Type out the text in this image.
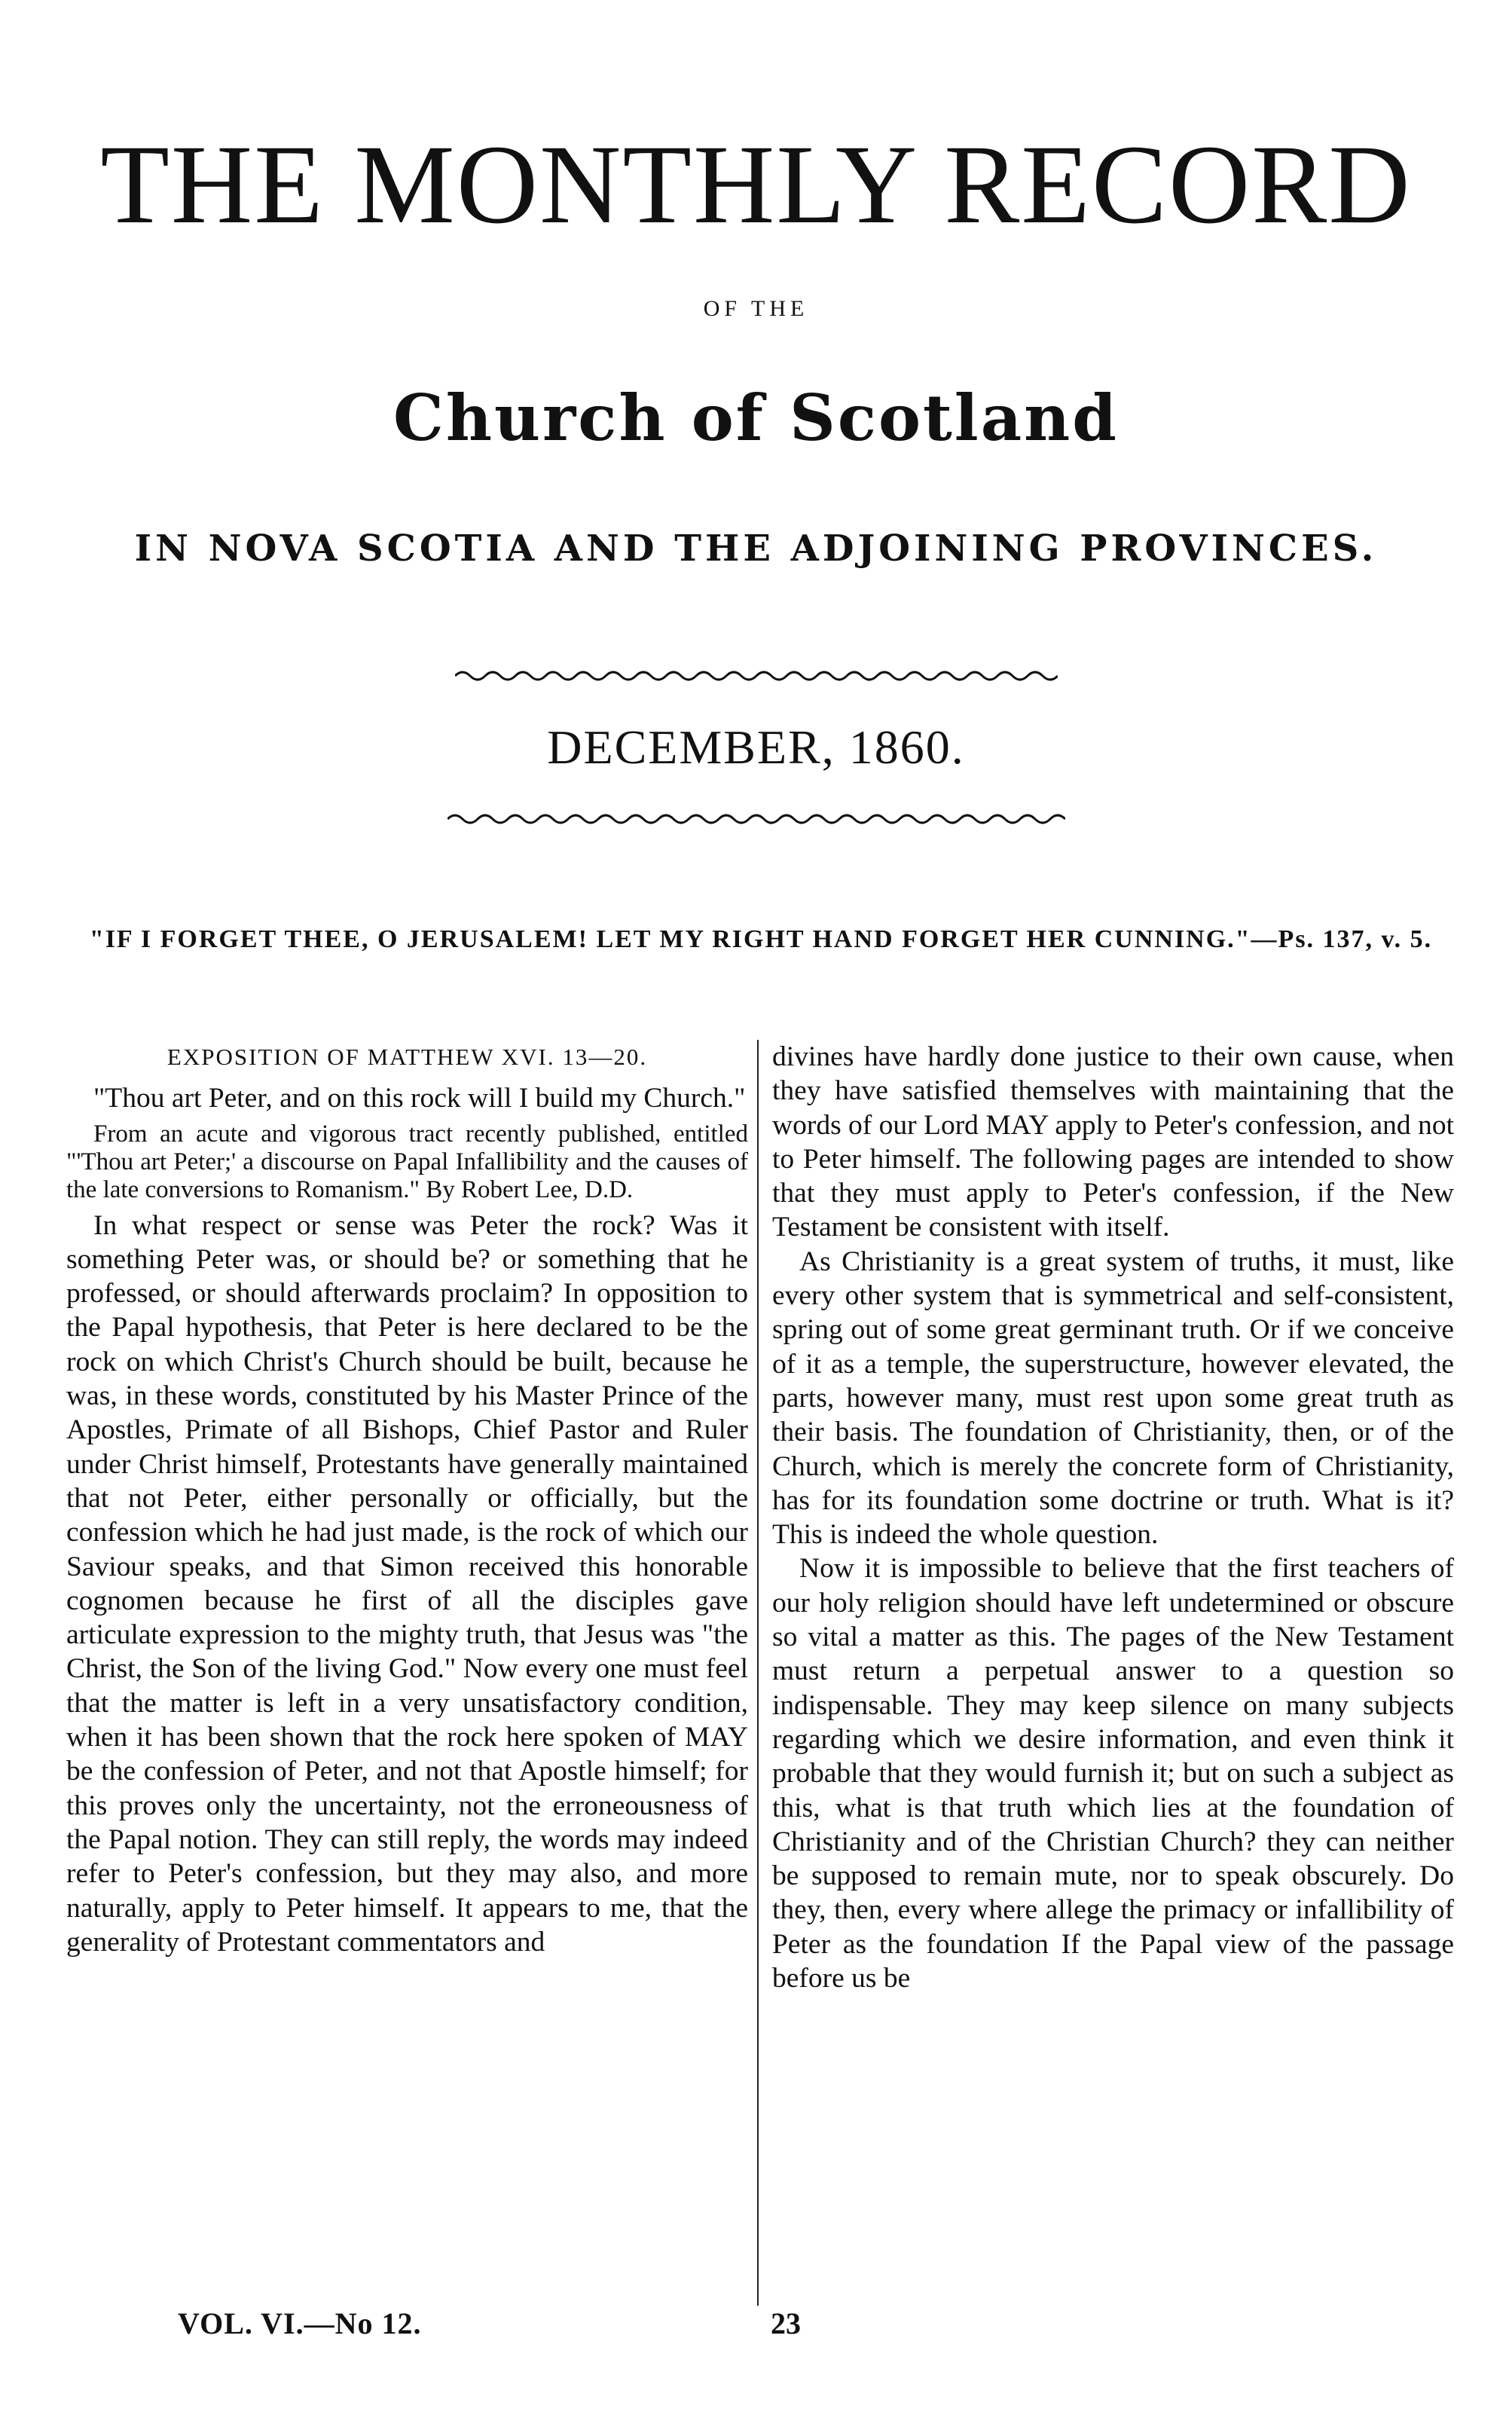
THE MONTHLY RECORD
OF THE
Church of Scotland
IN NOVA SCOTIA AND THE ADJOINING PROVINCES.
DECEMBER, 1860.
"IF I FORGET THEE, O JERUSALEM! LET MY RIGHT HAND FORGET HER CUNNING."—Ps. 137, v. 5.

EXPOSITION OF MATTHEW XVI. 13—20.

"Thou art Peter, and on this rock will I build my Church."

From an acute and vigorous tract recently published, entitled "'Thou art Peter;' a discourse on Papal Infallibility and the causes of the late conversions to Romanism." By Robert Lee, D.D.

In what respect or sense was Peter the rock? Was it something Peter was, or should be? or something that he professed, or should afterwards proclaim? In opposition to the Papal hypothesis, that Peter is here declared to be the rock on which Christ's Church should be built, because he was, in these words, constituted by his Master Prince of the Apostles, Primate of all Bishops, Chief Pastor and Ruler under Christ himself, Protestants have generally maintained that not Peter, either personally or officially, but the confession which he had just made, is the rock of which our Saviour speaks, and that Simon received this honorable cognomen because he first of all the disciples gave articulate expression to the mighty truth, that Jesus was "the Christ, the Son of the living God." Now every one must feel that the matter is left in a very unsatisfactory condition, when it has been shown that the rock here spoken of MAY be the confession of Peter, and not that Apostle himself; for this proves only the uncertainty, not the erroneousness of the Papal notion. They can still reply, the words may indeed refer to Peter's confession, but they may also, and more naturally, apply to Peter himself. It appears to me, that the generality of Protestant commentators and

divines have hardly done justice to their own cause, when they have satisfied themselves with maintaining that the words of our Lord MAY apply to Peter's confession, and not to Peter himself. The following pages are intended to show that they must apply to Peter's confession, if the New Testament be consistent with itself.

As Christianity is a great system of truths, it must, like every other system that is symmetrical and self-consistent, spring out of some great germinant truth. Or if we conceive of it as a temple, the superstructure, however elevated, the parts, however many, must rest upon some great truth as their basis. The foundation of Christianity, then, or of the Church, which is merely the concrete form of Christianity, has for its foundation some doctrine or truth. What is it? This is indeed the whole question.

Now it is impossible to believe that the first teachers of our holy religion should have left undetermined or obscure so vital a matter as this. The pages of the New Testament must return a perpetual answer to a question so indispensable. They may keep silence on many subjects regarding which we desire information, and even think it probable that they would furnish it; but on such a subject as this, what is that truth which lies at the foundation of Christianity and of the Christian Church? they can neither be supposed to remain mute, nor to speak obscurely. Do they, then, every where allege the primacy or infallibility of Peter as the foundation If the Papal view of the passage before us be

VOL. VI.—No 12.	23
